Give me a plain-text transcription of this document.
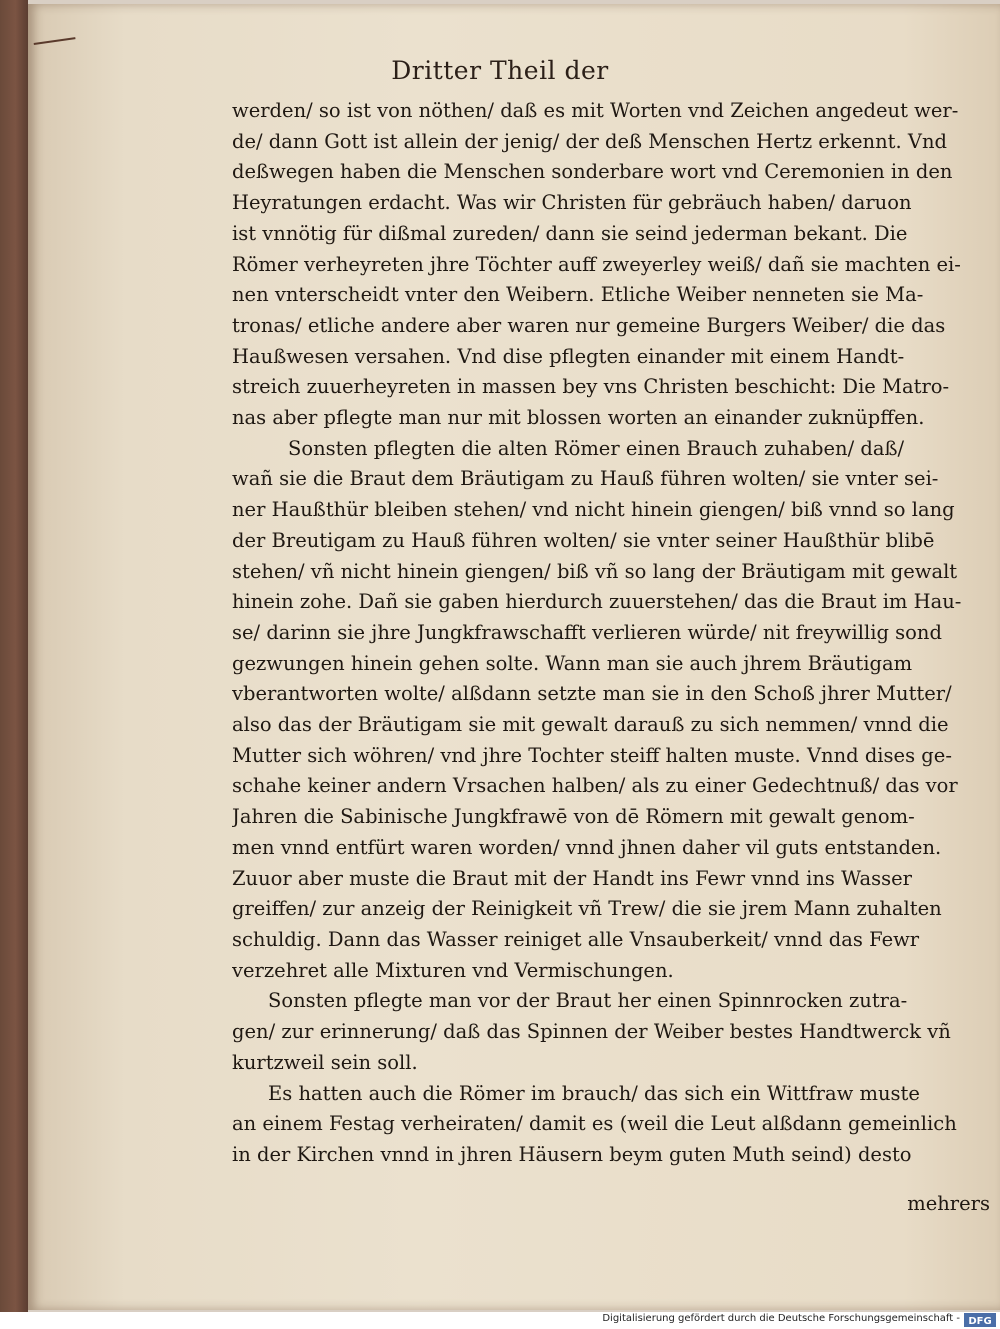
Dritter Theil der
werden/ so ist von nöthen/ daß es mit Worten vnd Zeichen angedeut wer-
de/ dann Gott ist allein der jenig/ der deß Menschen Hertz erkennt. Vnd
deßwegen haben die Menschen sonderbare wort vnd Ceremonien in den
Heyratungen erdacht. Was wir Christen für gebräuch haben/ daruon
ist vnnötig für dißmal zureden/ dann sie seind jederman bekant. Die
Römer verheyreten jhre Töchter auff zweyerley weiß/ dañ sie machten ei-
nen vnterscheidt vnter den Weibern. Etliche Weiber nenneten sie Ma-
tronas/ etliche andere aber waren nur gemeine Burgers Weiber/ die das
Haußwesen versahen. Vnd dise pflegten einander mit einem Handt-
streich zuuerheyreten in massen bey vns Christen beschicht: Die Matro-
nas aber pflegte man nur mit blossen worten an einander zuknüpffen.
Sonsten pflegten die alten Römer einen Brauch zuhaben/ daß/
wañ sie die Braut dem Bräutigam zu Hauß führen wolten/ sie vnter sei-
ner Haußthür bleiben stehen/ vnd nicht hinein giengen/ biß vnnd so lang
der Breutigam zu Hauß führen wolten/ sie vnter seiner Haußthür blibē
stehen/ vñ nicht hinein giengen/ biß vñ so lang der Bräutigam mit gewalt
hinein zohe. Dañ sie gaben hierdurch zuuerstehen/ das die Braut im Hau-
se/ darinn sie jhre Jungkfrawschafft verlieren würde/ nit freywillig sond
gezwungen hinein gehen solte. Wann man sie auch jhrem Bräutigam
vberantworten wolte/ alßdann setzte man sie in den Schoß jhrer Mutter/
also das der Bräutigam sie mit gewalt darauß zu sich nemmen/ vnnd die
Mutter sich wöhren/ vnd jhre Tochter steiff halten muste. Vnnd dises ge-
schahe keiner andern Vrsachen halben/ als zu einer Gedechtnuß/ das vor
Jahren die Sabinische Jungkfrawē von dē Römern mit gewalt genom-
men vnnd entfürt waren worden/ vnnd jhnen daher vil guts entstanden.
Zuuor aber muste die Braut mit der Handt ins Fewr vnnd ins Wasser
greiffen/ zur anzeig der Reinigkeit vñ Trew/ die sie jrem Mann zuhalten
schuldig. Dann das Wasser reiniget alle Vnsauberkeit/ vnnd das Fewr
verzehret alle Mixturen vnd Vermischungen.
Sonsten pflegte man vor der Braut her einen Spinnrocken zutra-
gen/ zur erinnerung/ daß das Spinnen der Weiber bestes Handtwerck vñ
kurtzweil sein soll.
Es hatten auch die Römer im brauch/ das sich ein Wittfraw muste
an einem Festag verheiraten/ damit es (weil die Leut alßdann gemeinlich
in der Kirchen vnnd in jhren Häusern beym guten Muth seind) desto
mehrers
Digitalisierung gefördert durch die Deutsche Forschungsgemeinschaft - DFG
